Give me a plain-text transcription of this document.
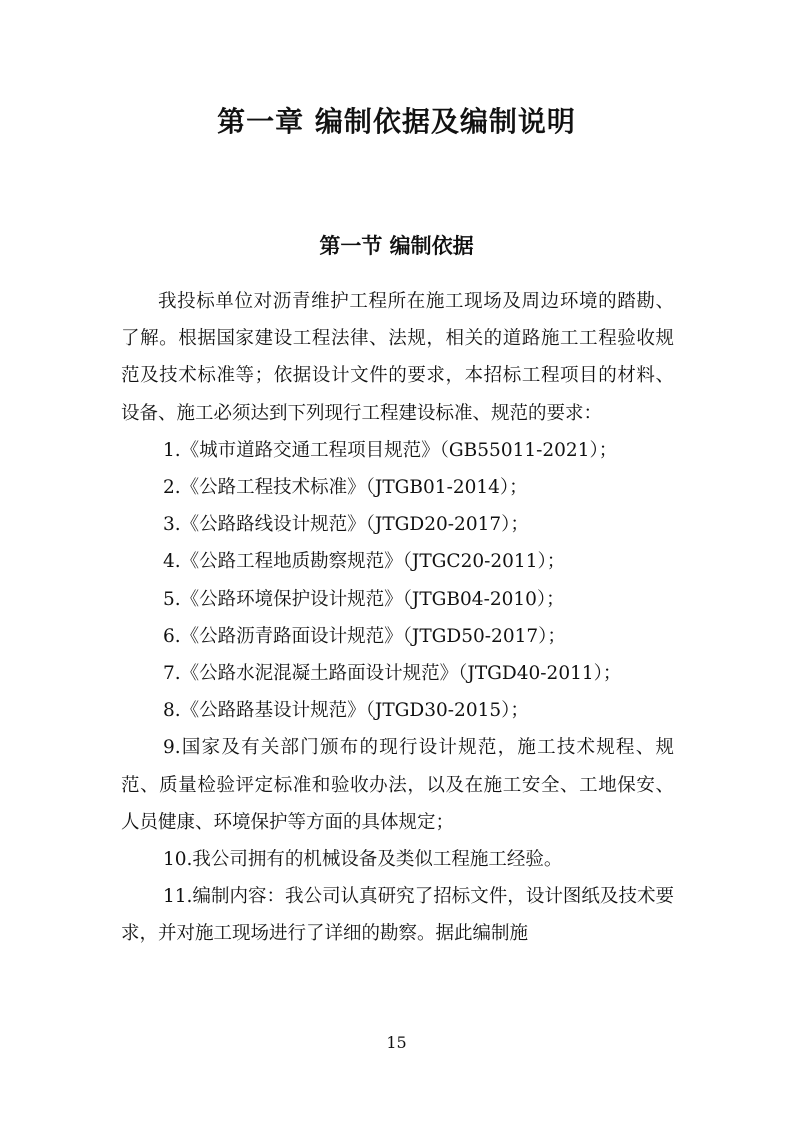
第一章 编制依据及编制说明
第一节 编制依据

我投标单位对沥青维护工程所在施工现场及周边环境的踏勘、了解。根据国家建设工程法律、法规，相关的道路施工工程验收规范及技术标准等；依据设计文件的要求，本招标工程项目的材料、设备、施工必须达到下列现行工程建设标准、规范的要求：

1.《城市道路交通工程项目规范》（GB55011-2021）；

2.《公路工程技术标准》（JTGB01-2014）；

3.《公路路线设计规范》（JTGD20-2017）；

4.《公路工程地质勘察规范》（JTGC20-2011）；

5.《公路环境保护设计规范》（JTGB04-2010）；

6.《公路沥青路面设计规范》（JTGD50-2017）；

7.《公路水泥混凝土路面设计规范》（JTGD40-2011）；

8.《公路路基设计规范》（JTGD30-2015）；

9.国家及有关部门颁布的现行设计规范，施工技术规程、规范、质量检验评定标准和验收办法，以及在施工安全、工地保安、人员健康、环境保护等方面的具体规定；

10.我公司拥有的机械设备及类似工程施工经验。

11.编制内容：我公司认真研究了招标文件，设计图纸及技术要求，并对施工现场进行了详细的勘察。据此编制施

15
